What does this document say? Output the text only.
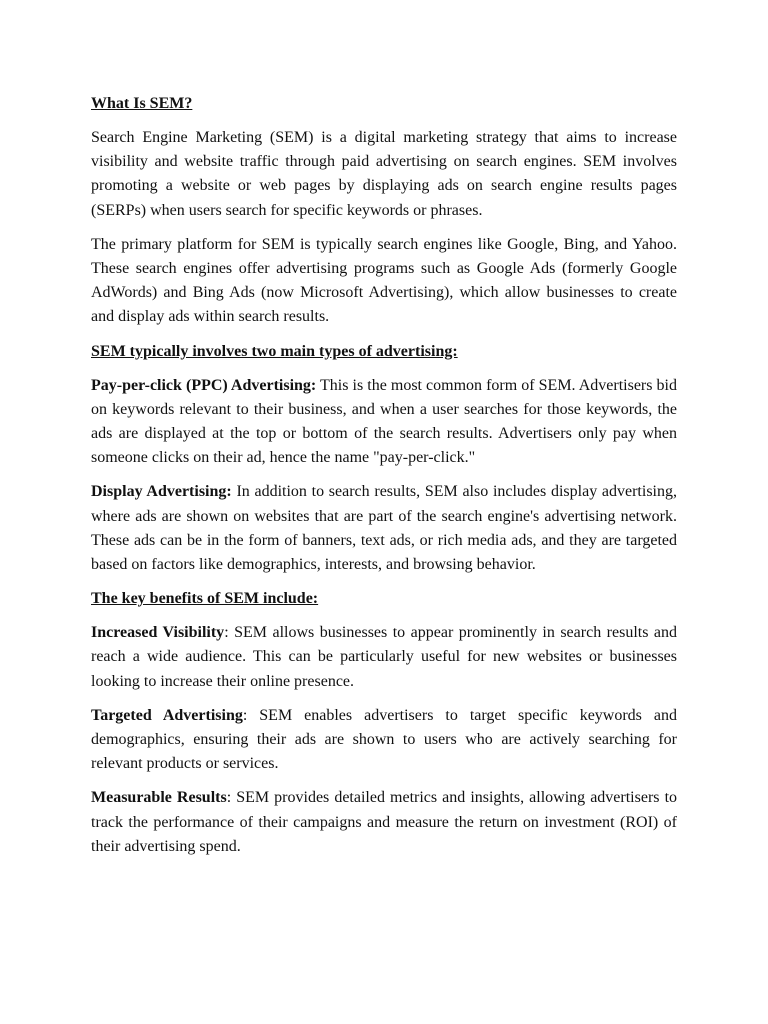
What Is SEM?

Search Engine Marketing (SEM) is a digital marketing strategy that aims to increase visibility and website traffic through paid advertising on search engines. SEM involves promoting a website or web pages by displaying ads on search engine results pages (SERPs) when users search for specific keywords or phrases.

The primary platform for SEM is typically search engines like Google, Bing, and Yahoo. These search engines offer advertising programs such as Google Ads (formerly Google AdWords) and Bing Ads (now Microsoft Advertising), which allow businesses to create and display ads within search results.

SEM typically involves two main types of advertising:

Pay-per-click (PPC) Advertising: This is the most common form of SEM. Advertisers bid on keywords relevant to their business, and when a user searches for those keywords, the ads are displayed at the top or bottom of the search results. Advertisers only pay when someone clicks on their ad, hence the name "pay-per-click."

Display Advertising: In addition to search results, SEM also includes display advertising, where ads are shown on websites that are part of the search engine's advertising network. These ads can be in the form of banners, text ads, or rich media ads, and they are targeted based on factors like demographics, interests, and browsing behavior.

The key benefits of SEM include:

Increased Visibility: SEM allows businesses to appear prominently in search results and reach a wide audience. This can be particularly useful for new websites or businesses looking to increase their online presence.

Targeted Advertising: SEM enables advertisers to target specific keywords and demographics, ensuring their ads are shown to users who are actively searching for relevant products or services.

Measurable Results: SEM provides detailed metrics and insights, allowing advertisers to track the performance of their campaigns and measure the return on investment (ROI) of their advertising spend.
